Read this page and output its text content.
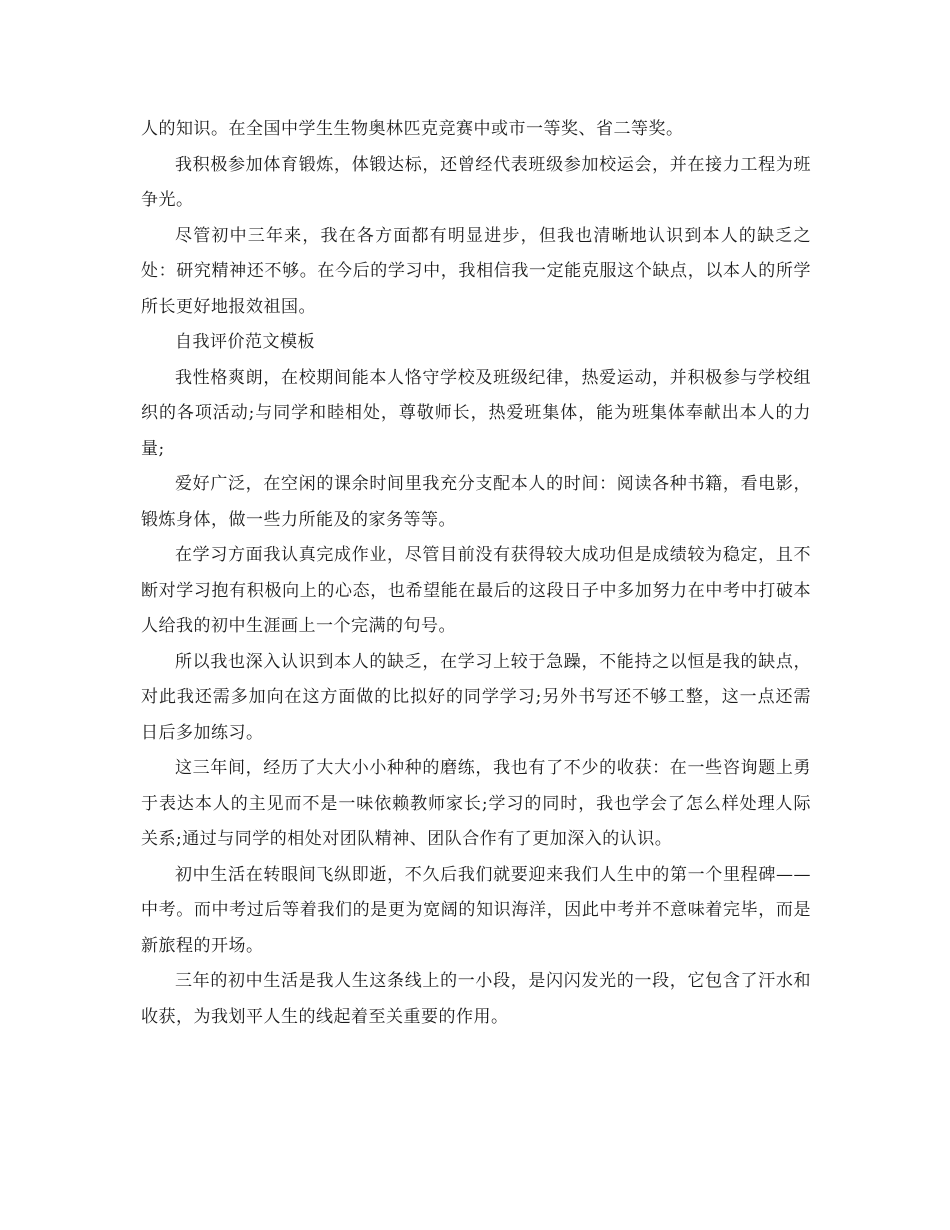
人的知识。在全国中学生生物奥林匹克竞赛中或市一等奖、省二等奖。

我积极参加体育锻炼，体锻达标，还曾经代表班级参加校运会，并在接力工程为班争光。

尽管初中三年来，我在各方面都有明显进步，但我也清晰地认识到本人的缺乏之处：研究精神还不够。在今后的学习中，我相信我一定能克服这个缺点，以本人的所学所长更好地报效祖国。

自我评价范文模板

我性格爽朗，在校期间能本人恪守学校及班级纪律，热爱运动，并积极参与学校组织的各项活动;与同学和睦相处，尊敬师长，热爱班集体，能为班集体奉献出本人的力量;

爱好广泛，在空闲的课余时间里我充分支配本人的时间：阅读各种书籍，看电影，锻炼身体，做一些力所能及的家务等等。

在学习方面我认真完成作业，尽管目前没有获得较大成功但是成绩较为稳定，且不断对学习抱有积极向上的心态，也希望能在最后的这段日子中多加努力在中考中打破本人给我的初中生涯画上一个完满的句号。

所以我也深入认识到本人的缺乏，在学习上较于急躁，不能持之以恒是我的缺点，对此我还需多加向在这方面做的比拟好的同学学习;另外书写还不够工整，这一点还需日后多加练习。

这三年间，经历了大大小小种种的磨练，我也有了不少的收获：在一些咨询题上勇于表达本人的主见而不是一味依赖教师家长;学习的同时，我也学会了怎么样处理人际关系;通过与同学的相处对团队精神、团队合作有了更加深入的认识。

初中生活在转眼间飞纵即逝，不久后我们就要迎来我们人生中的第一个里程碑——中考。而中考过后等着我们的是更为宽阔的知识海洋，因此中考并不意味着完毕，而是新旅程的开场。

三年的初中生活是我人生这条线上的一小段，是闪闪发光的一段，它包含了汗水和收获，为我划平人生的线起着至关重要的作用。
